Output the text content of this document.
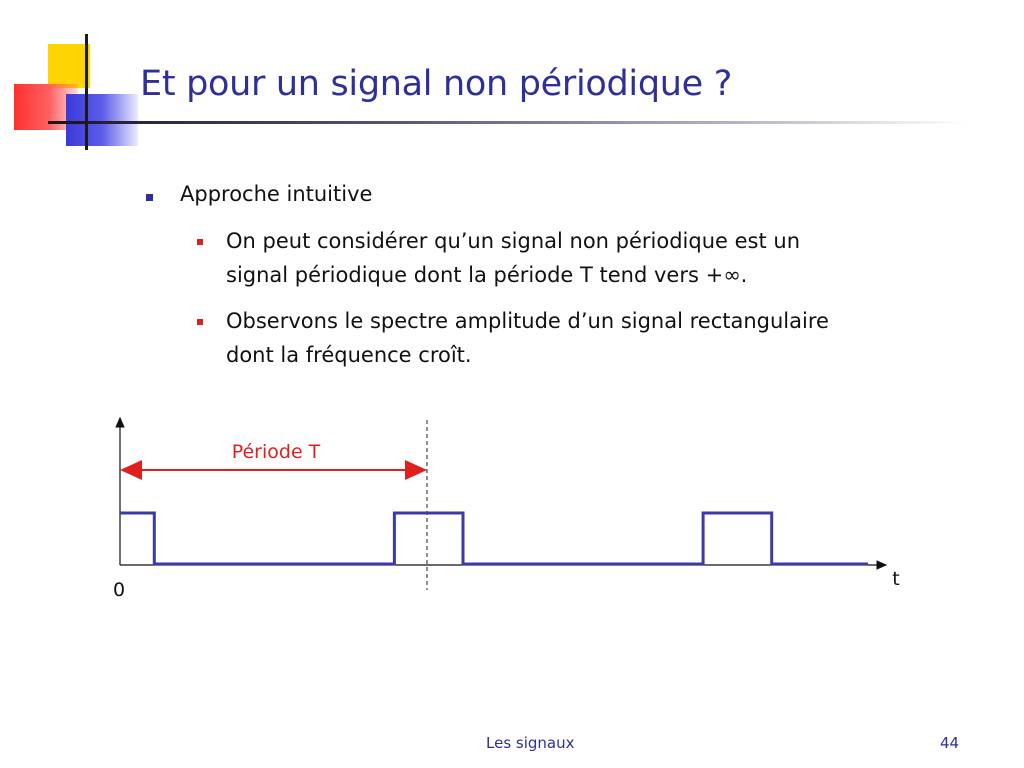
Et pour un signal non périodique ?
Approche intuitive
On peut considérer qu’un signal non périodique est un
signal périodique dont la période T tend vers +∞.
Observons le spectre amplitude d’un signal rectangulaire
dont la fréquence croît.
Période T
0	t
Les signaux	44
